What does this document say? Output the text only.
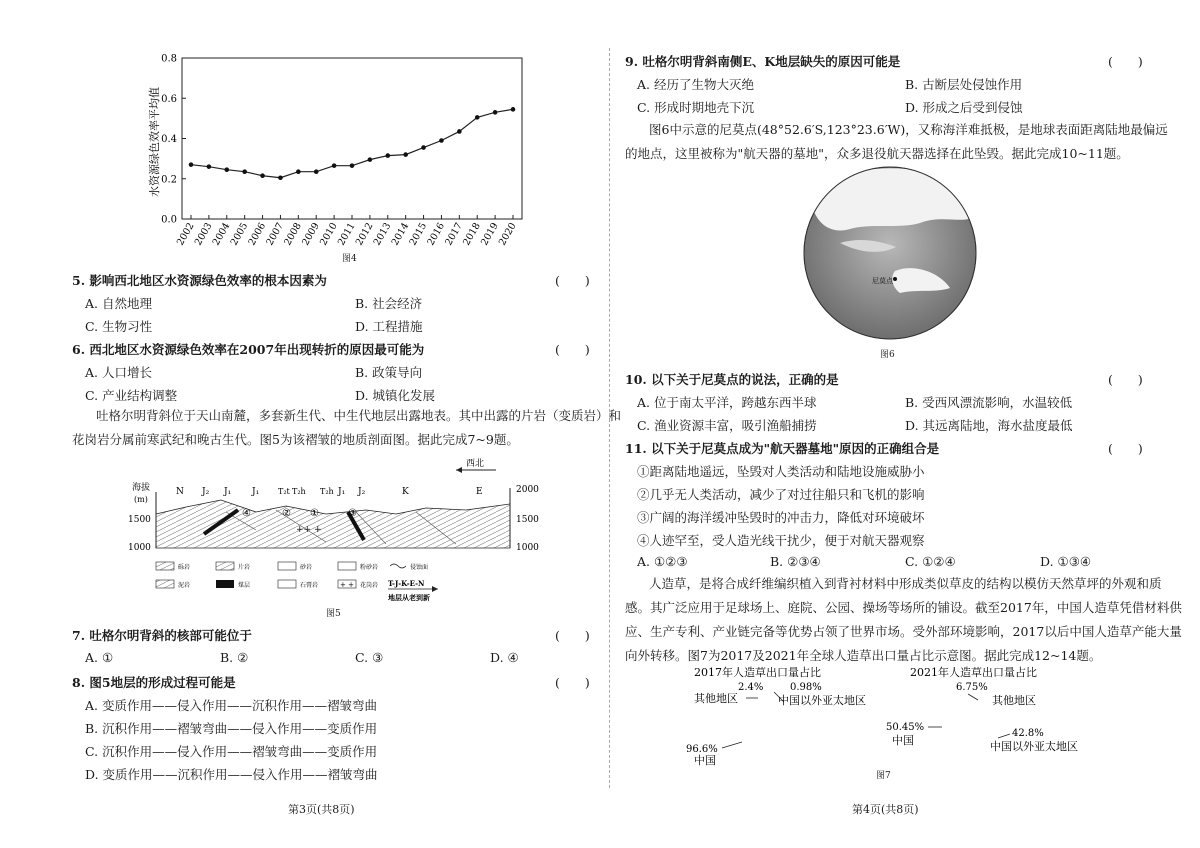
水资源绿色效率平均值
0.0
0.2
0.4
0.6
0.8
2002
2003
2004
2005
2006
2007
2008
2009
2010
2011
2012
2013
2014
2015
2016
2017
2018
2019
2020
图4
5. 影响西北地区水资源绿色效率的根本因素为	(　　)
A. 自然地理	B. 社会经济
C. 生物习性	D. 工程措施
6. 西北地区水资源绿色效率在2007年出现转折的原因最可能为	(　　)
A. 人口增长	B. 政策导向
C. 产业结构调整	D. 城镇化发展

吐格尔明背斜位于天山南麓，多套新生代、中生代地层出露地表。其中出露的片岩（变质岩）和

花岗岩分属前寒武纪和晚古生代。图5为该褶皱的地质剖面图。据此完成7~9题。

西北
海拔
(m)
1500
1000
2000
1500
1000
++ +
N J₂ J₁ J₁ T₂t T₂h T₂h J₁ J₂	K	E
④	② ①	③
砾岩	片岩	砂岩	粉砂岩	侵蚀面
泥岩	煤层	石膏岩	+ + 花岗岩 T-J-K-E-N
地层从老到新
图5
7. 吐格尔明背斜的核部可能位于	(　　)
A. ①	B. ②	C. ③	D. ④
8. 图5地层的形成过程可能是	(　　)
A. 变质作用——侵入作用——沉积作用——褶皱弯曲
B. 沉积作用——褶皱弯曲——侵入作用——变质作用
C. 沉积作用——侵入作用——褶皱弯曲——变质作用
D. 变质作用——沉积作用——侵入作用——褶皱弯曲
第3页(共8页)
9. 吐格尔明背斜南侧E、K地层缺失的原因可能是	(　　)
A. 经历了生物大灭绝	B. 古断层处侵蚀作用
C. 形成时期地壳下沉	D. 形成之后受到侵蚀

图6中示意的尼莫点(48°52.6′S,123°23.6′W)，又称海洋难抵极，是地球表面距离陆地最偏远

的地点，这里被称为"航天器的墓地"，众多退役航天器选择在此坠毁。据此完成10~11题。

尼莫点
图6
10. 以下关于尼莫点的说法，正确的是	(　　)
A. 位于南太平洋，跨越东西半球	B. 受西风漂流影响，水温较低
C. 渔业资源丰富，吸引渔船捕捞	D. 其远离陆地，海水盐度最低
11. 以下关于尼莫点成为"航天器墓地"原因的正确组合是	(　　)
①距离陆地遥远，坠毁对人类活动和陆地设施威胁小
②几乎无人类活动，减少了对过往船只和飞机的影响
③广阔的海洋缓冲坠毁时的冲击力，降低对环境破坏
④人迹罕至，受人造光线干扰少，便于对航天器观察
A. ①②③	B. ②③④	C. ①②④	D. ①③④

人造草，是将合成纤维编织植入到背衬材料中形成类似草皮的结构以模仿天然草坪的外观和质

感。其广泛应用于足球场上、庭院、公园、操场等场所的铺设。截至2017年，中国人造草凭借材料供

应、生产专利、产业链完备等优势占领了世界市场。受外部环境影响，2017以后中国人造草产能大量

向外转移。图7为2017及2021年全球人造草出口量占比示意图。据此完成12~14题。

2017年人造草出口量占比	2021年人造草出口量占比
2.4%	0.98%
其他地区	中国以外亚太地区
96.6%
中国
6.75%
其他地区
50.45%
中国
42.8%
中国以外亚太地区
图7
第4页(共8页)
